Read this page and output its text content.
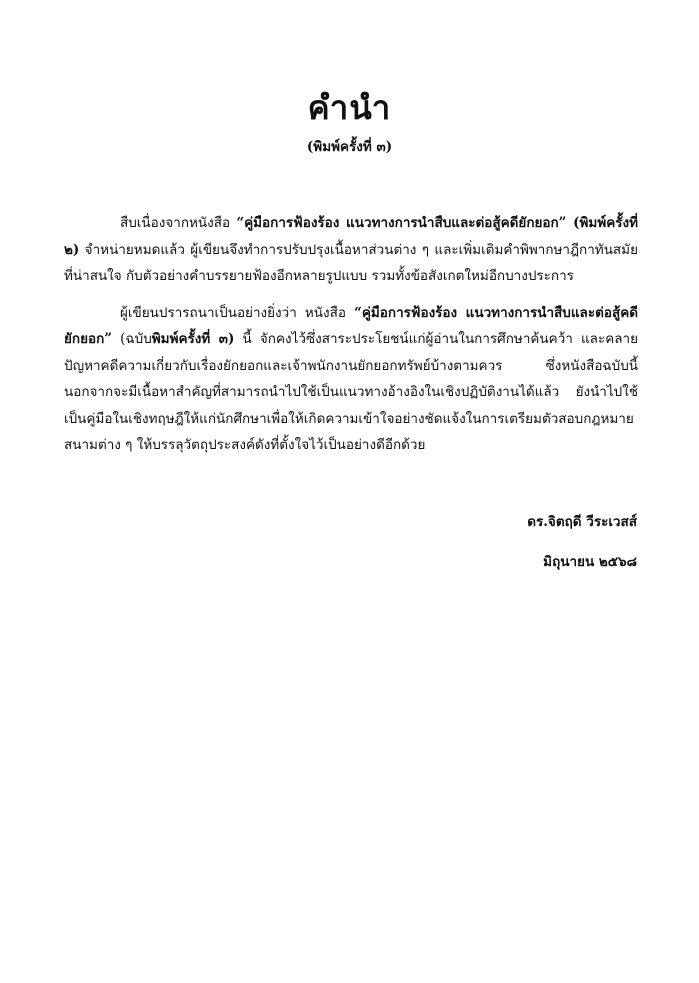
คำนำ
(พิมพ์ครั้งที่ ๓)

สืบเนื่องจากหนังสือ “คู่มือการฟ้องร้อง แนวทางการนำสืบและต่อสู้คดียักยอก” (พิมพ์ครั้งที่ ๒) จำหน่ายหมดแล้ว ผู้เขียนจึงทำการปรับปรุงเนื้อหาส่วนต่าง ๆ และเพิ่มเติมคำพิพากษาฎีกาทันสมัยที่น่าสนใจ กับตัวอย่างคำบรรยายฟ้องอีกหลายรูปแบบ รวมทั้งข้อสังเกตใหม่อีกบางประการ

ผู้เขียนปรารถนาเป็นอย่างยิ่งว่า หนังสือ “คู่มือการฟ้องร้อง แนวทางการนำสืบและต่อสู้คดียักยอก” (ฉบับพิมพ์ครั้งที่ ๓) นี้ จักคงไว้ซึ่งสาระประโยชน์แก่ผู้อ่านในการศึกษาค้นคว้า และคลายปัญหาคดีความเกี่ยวกับเรื่องยักยอกและเจ้าพนักงานยักยอกทรัพย์บ้างตามควร ซึ่งหนังสือฉบับนี้นอกจากจะมีเนื้อหาสำคัญที่สามารถนำไปใช้เป็นแนวทางอ้างอิงในเชิงปฏิบัติงานได้แล้ว ยังนำไปใช้เป็นคู่มือในเชิงทฤษฎีให้แก่นักศึกษาเพื่อให้เกิดความเข้าใจอย่างชัดแจ้งในการเตรียมตัวสอบกฎหมายสนามต่าง ๆ ให้บรรลุวัตถุประสงค์ดังที่ตั้งใจไว้เป็นอย่างดีอีกด้วย

ดร.จิตฤดี วีระเวสส์
มิถุนายน ๒๕๖๘
